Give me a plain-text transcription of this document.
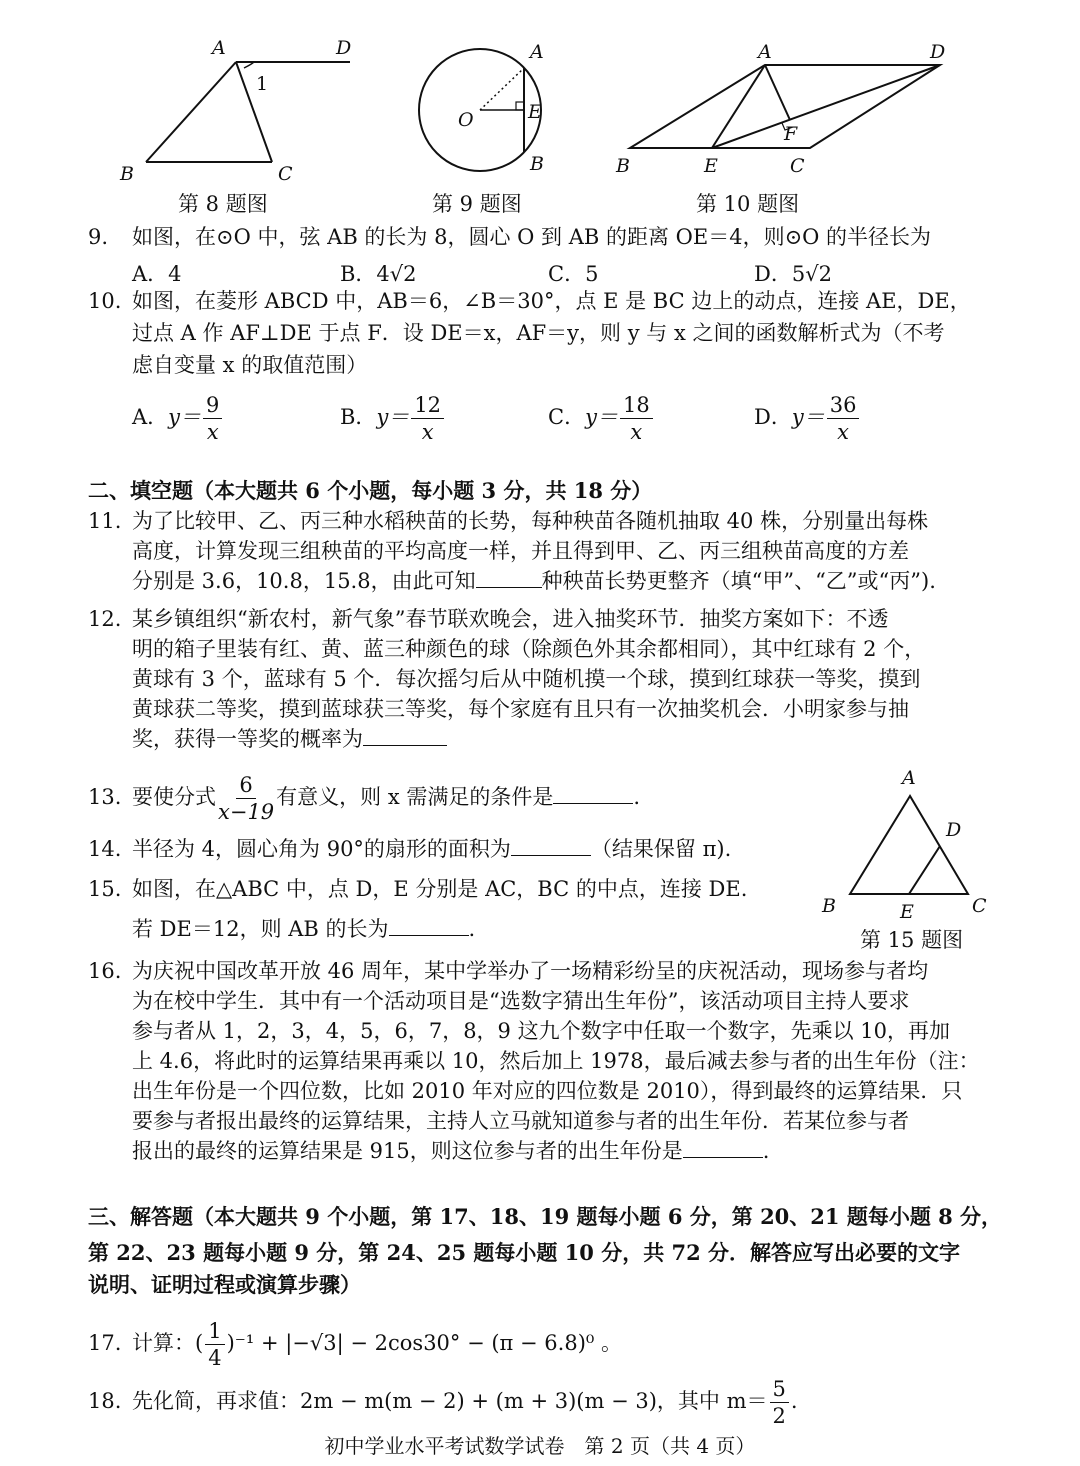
A	D
1
B	C
第 8 题图
A
O	E
B
第 9 题图
A	D
F
B	E	C
第 10 题图
9. 如图，在⊙O 中，弦 AB 的长为 8，圆心 O 到 AB 的距离 OE＝4，则⊙O 的半径长为
A．4	B．4√2	C．5	D．5√2
10. 如图，在菱形 ABCD 中，AB＝6，∠B＝30°，点 E 是 BC 边上的动点，连接 AE，DE，
过点 A 作 AF⊥DE 于点 F．设 DE＝x，AF＝y，则 y 与 x 之间的函数解析式为（不考
虑自变量 x 的取值范围）
A．$y= \frac{9}{x}$	B．$y= \frac{12}{x}$	C．$y= \frac{18}{x}$	D．$y= \frac{36}{x}$
二、填空题（本大题共 6 个小题，每小题 3 分，共 18 分）
11. 为了比较甲、乙、丙三种水稻秧苗的长势，每种秧苗各随机抽取 40 株，分别量出每株
高度，计算发现三组秧苗的平均高度一样，并且得到甲、乙、丙三组秧苗高度的方差
分别是 3.6，10.8，15.8，由此可知	种秧苗长势更整齐（填“甲”、“乙”或“丙”).
12. 某乡镇组织“新农村，新气象”春节联欢晚会，进入抽奖环节．抽奖方案如下：不透
明的箱子里装有红、黄、蓝三种颜色的球（除颜色外其余都相同），其中红球有 2 个，
黄球有 3 个，蓝球有 5 个．每次摇匀后从中随机摸一个球，摸到红球获一等奖，摸到
黄球获二等奖，摸到蓝球获三等奖，每个家庭有且只有一次抽奖机会．小明家参与抽
奖，获得一等奖的概率为
13. 要使分式 $\frac{6}{x-19}$ 有意义，则 x 需满足的条件是	.
14. 半径为 4，圆心角为 90°的扇形的面积为	（结果保留 π).
15. 如图，在△ABC 中，点 D，E 分别是 AC，BC 的中点，连接 DE.
若 DE＝12，则 AB 的长为	.
A
D
B	E	C
第 15 题图
16. 为庆祝中国改革开放 46 周年，某中学举办了一场精彩纷呈的庆祝活动，现场参与者均
为在校中学生．其中有一个活动项目是“选数字猜出生年份”，该活动项目主持人要求
参与者从 1，2，3，4，5，6，7，8，9 这九个数字中任取一个数字，先乘以 10，再加
上 4.6，将此时的运算结果再乘以 10，然后加上 1978，最后减去参与者的出生年份（注：
出生年份是一个四位数，比如 2010 年对应的四位数是 2010），得到最终的运算结果．只
要参与者报出最终的运算结果，主持人立马就知道参与者的出生年份．若某位参与者
报出的最终的运算结果是 915，则这位参与者的出生年份是	.
三、解答题（本大题共 9 个小题，第 17、18、19 题每小题 6 分，第 20、21 题每小题 8 分，
第 22、23 题每小题 9 分，第 24、25 题每小题 10 分，共 72 分．解答应写出必要的文字
说明、证明过程或演算步骤）
17. 计算：( $\frac{1}{4} )^{-1} + |-√3| - 2\cos 30^\circ - (\pi - 6.8)^0$ 。
18. 先化简，再求值：2m − m(m − 2) + (m + 3)(m − 3)，其中 $m= \frac{5}{2}$ .
初中学业水平考试数学试卷　第 2 页（共 4 页）
